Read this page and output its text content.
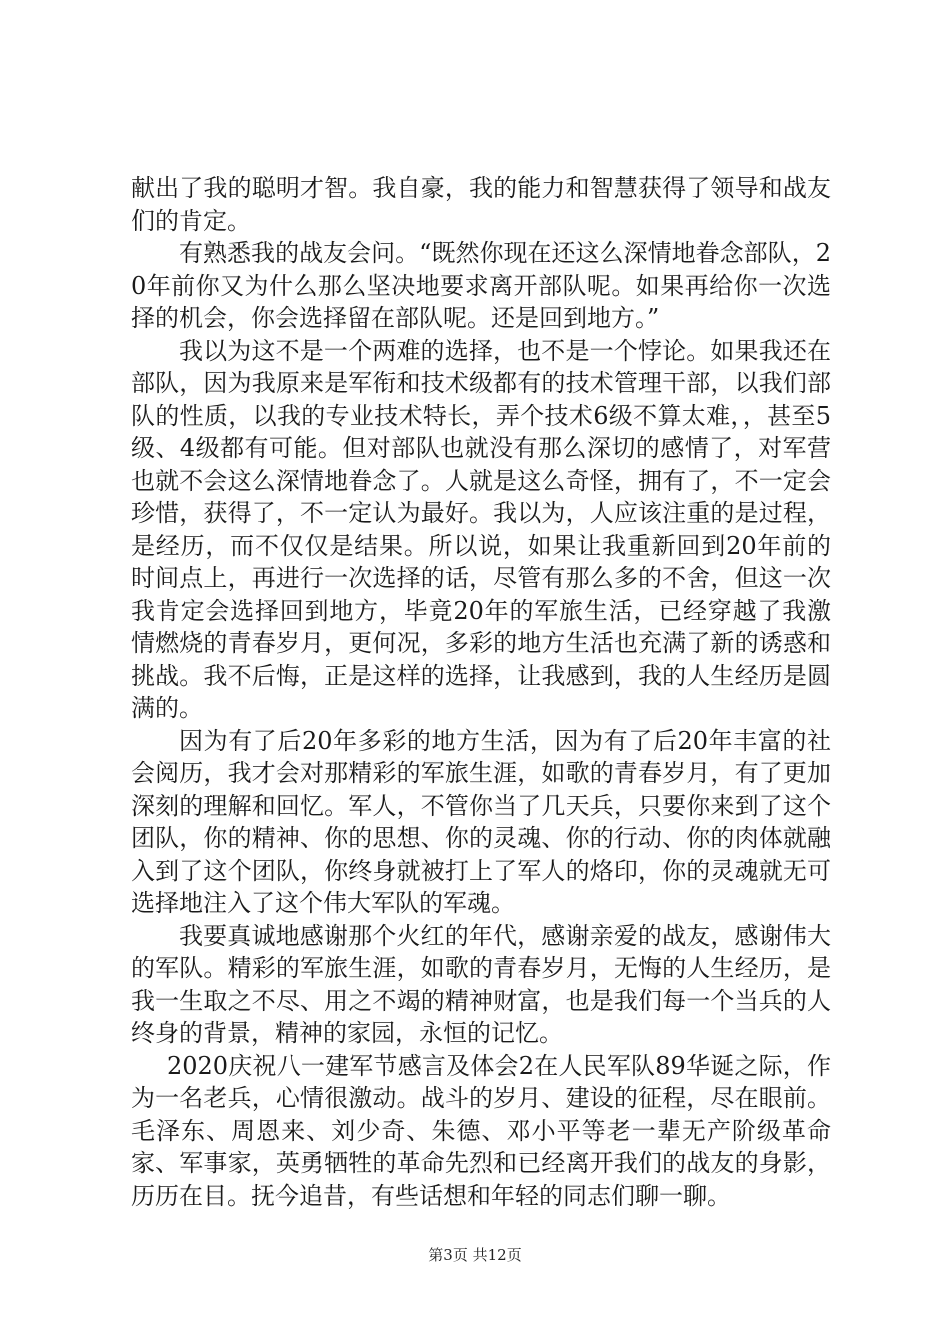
献出了我的聪明才智。我自豪，我的能力和智慧获得了领导和战友们的肯定。

有熟悉我的战友会问。“既然你现在还这么深情地眷念部队，20年前你又为什么那么坚决地要求离开部队呢。如果再给你一次选择的机会，你会选择留在部队呢。还是回到地方。”

我以为这不是一个两难的选择，也不是一个悖论。如果我还在部队，因为我原来是军衔和技术级都有的技术管理干部，以我们部队的性质，以我的专业技术特长，弄个技术6级不算太难，，甚至5级、4级都有可能。但对部队也就没有那么深切的感情了，对军营也就不会这么深情地眷念了。人就是这么奇怪，拥有了，不一定会珍惜，获得了，不一定认为最好。我以为，人应该注重的是过程，是经历，而不仅仅是结果。所以说，如果让我重新回到20年前的时间点上，再进行一次选择的话，尽管有那么多的不舍，但这一次我肯定会选择回到地方，毕竟20年的军旅生活，已经穿越了我激情燃烧的青春岁月，更何况，多彩的地方生活也充满了新的诱惑和挑战。我不后悔，正是这样的选择，让我感到，我的人生经历是圆满的。

因为有了后20年多彩的地方生活，因为有了后20年丰富的社会阅历，我才会对那精彩的军旅生涯，如歌的青春岁月，有了更加深刻的理解和回忆。军人，不管你当了几天兵，只要你来到了这个团队，你的精神、你的思想、你的灵魂、你的行动、你的肉体就融入到了这个团队，你终身就被打上了军人的烙印，你的灵魂就无可选择地注入了这个伟大军队的军魂。

我要真诚地感谢那个火红的年代，感谢亲爱的战友，感谢伟大的军队。精彩的军旅生涯，如歌的青春岁月，无悔的人生经历，是我一生取之不尽、用之不竭的精神财富，也是我们每一个当兵的人终身的背景，精神的家园，永恒的记忆。

2020庆祝八一建军节感言及体会2在人民军队89华诞之际，作为一名老兵，心情很激动。战斗的岁月、建设的征程，尽在眼前。毛泽东、周恩来、刘少奇、朱德、邓小平等老一辈无产阶级革命家、军事家，英勇牺牲的革命先烈和已经离开我们的战友的身影，历历在目。抚今追昔，有些话想和年轻的同志们聊一聊。

第3页 共12页
